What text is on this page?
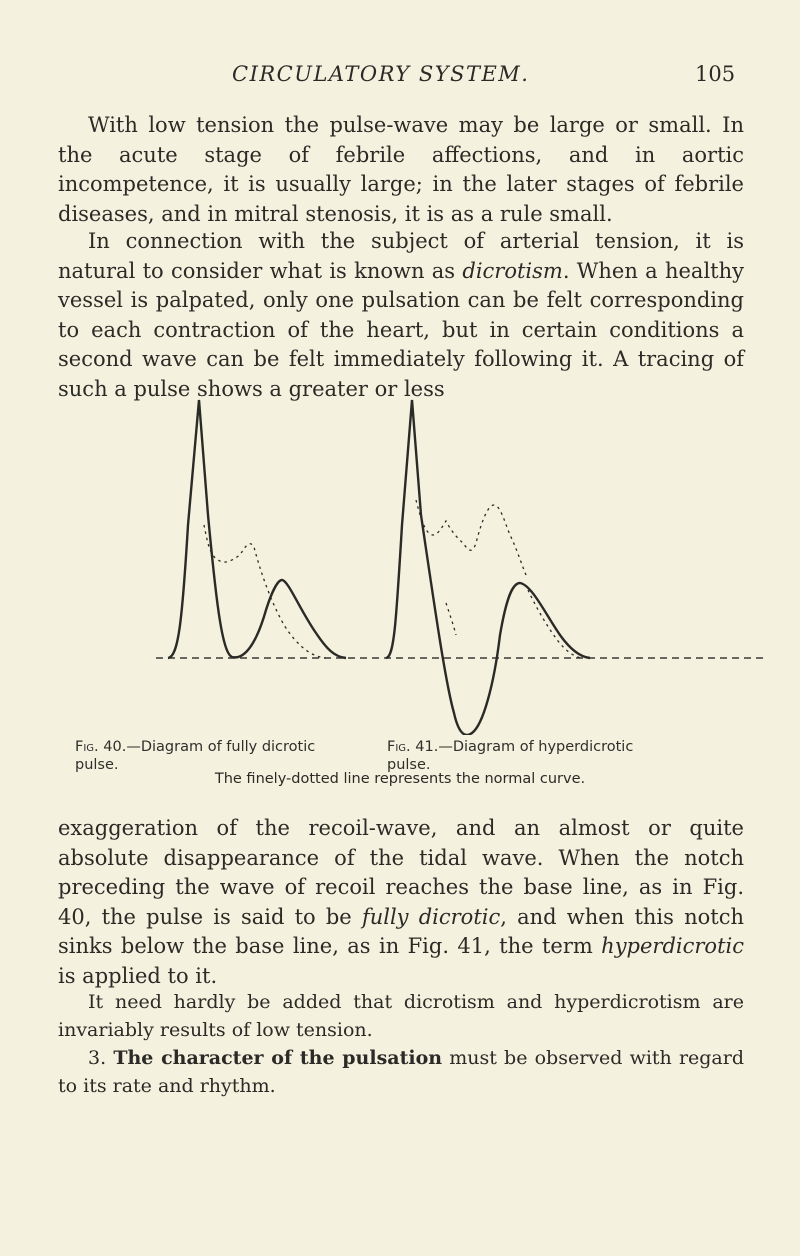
CIRCULATORY SYSTEM.	105

With low tension the pulse-wave may be large or small. In the acute stage of febrile affections, and in aortic incompetence, it is usually large; in the later stages of febrile diseases, and in mitral stenosis, it is as a rule small.

In connection with the subject of arterial tension, it is natural to consider what is known as dicrotism. When a healthy vessel is palpated, only one pulsation can be felt corresponding to each contraction of the heart, but in certain conditions a second wave can be felt immediately following it. A tracing of such a pulse shows a greater or less

Fig. 40.—Diagram of fully dicrotic pulse.
Fig. 41.—Diagram of hyperdicrotic pulse.
The finely-dotted line represents the normal curve.

exaggeration of the recoil-wave, and an almost or quite absolute disappearance of the tidal wave. When the notch preceding the wave of recoil reaches the base line, as in Fig. 40, the pulse is said to be fully dicrotic, and when this notch sinks below the base line, as in Fig. 41, the term hyperdicrotic is applied to it.

It need hardly be added that dicrotism and hyperdicrotism are invariably results of low tension.

3. The character of the pulsation must be observed with regard to its rate and rhythm.
